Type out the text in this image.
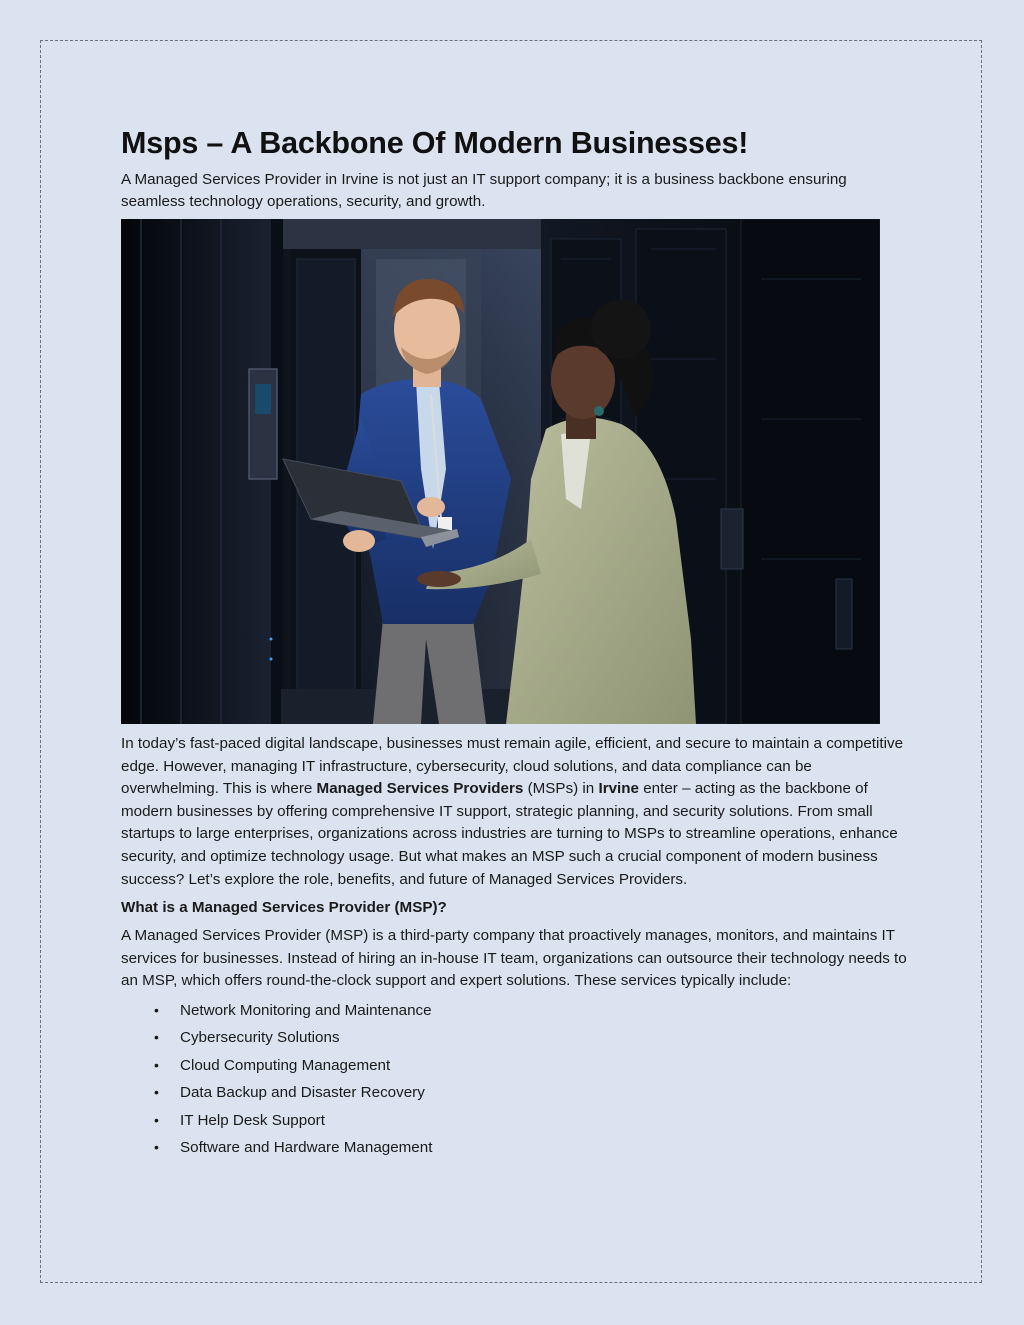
Msps – A Backbone Of Modern Businesses!

A Managed Services Provider in Irvine is not just an IT support company; it is a business backbone ensuring seamless technology operations, security, and growth.

In today’s fast-paced digital landscape, businesses must remain agile, efficient, and secure to maintain a competitive edge. However, managing IT infrastructure, cybersecurity, cloud solutions, and data compliance can be overwhelming. This is where Managed Services Providers (MSPs) in Irvine enter – acting as the backbone of modern businesses by offering comprehensive IT support, strategic planning, and security solutions. From small startups to large enterprises, organizations across industries are turning to MSPs to streamline operations, enhance security, and optimize technology usage. But what makes an MSP such a crucial component of modern business success? Let’s explore the role, benefits, and future of Managed Services Providers.

What is a Managed Services Provider (MSP)?

A Managed Services Provider (MSP) is a third-party company that proactively manages, monitors, and maintains IT services for businesses. Instead of hiring an in-house IT team, organizations can outsource their technology needs to an MSP, which offers round-the-clock support and expert solutions. These services typically include:

• Network Monitoring and Maintenance
• Cybersecurity Solutions
• Cloud Computing Management
• Data Backup and Disaster Recovery
• IT Help Desk Support
• Software and Hardware Management
